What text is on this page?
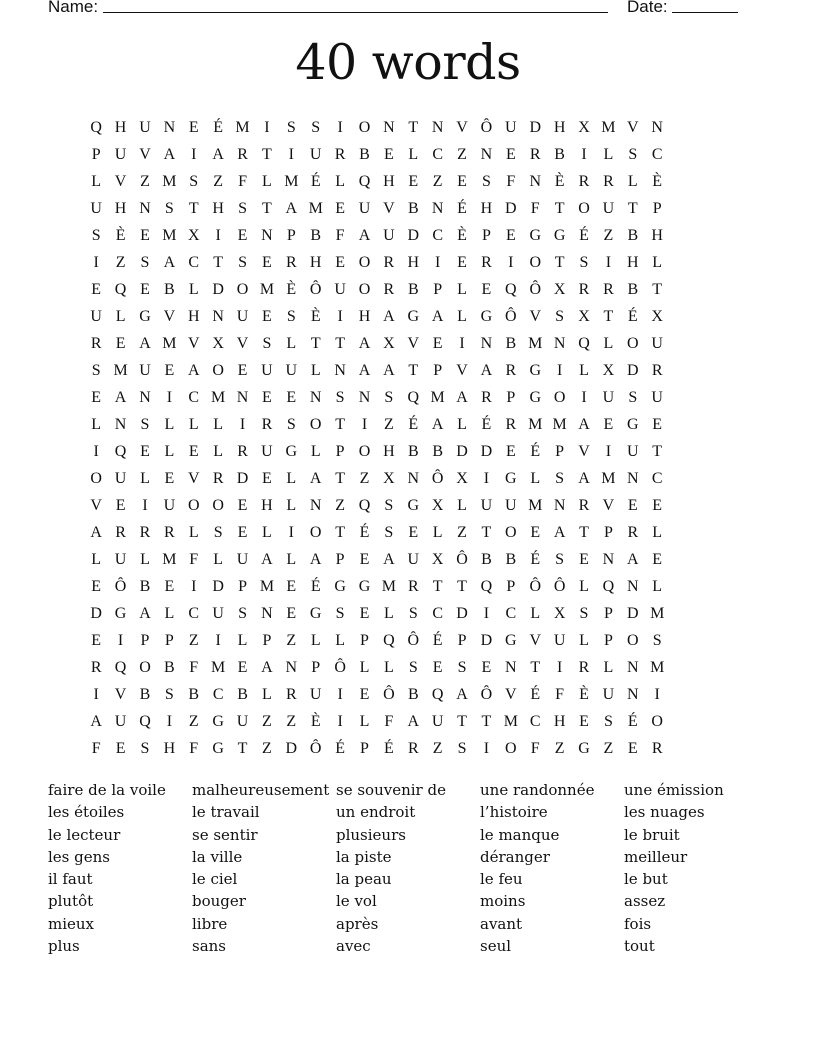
Name:	Date:
40 words
Q H U N E É M I	S S	I O N T N V Ô U D H X M V N
P U V A I A R T	I U R B E L C Z N E R B	I	L S C
L V Z M S Z F L M É L Q H E Z E S F N È R R L È
U H N S T H S T A M E U V B N É H D F T O U T P
S È E M X I	E N P B F A U D C È P E G G É Z B H
I	Z S A C T S E R H E O R H I	E R	I O T S	I H L
E Q E B L D O M È Ô U O R B P L E Q Ô X R R B T
U L G V H N U E S È	I H A G A L G Ô V S X T É X
R E A M V X V S L T T A X V E	I N B M N Q L O U
S M U E A O E U U L N A A T P V A R G I	L X D R
E A N I	C M N E E N S N S Q M A R P G O I U S U
L N S L L L	I	R S O T	I	Z É A L É R M M A E G E
I Q E L E L R U G L P O H B B D D E É P V I U T
O U L E V R D E L A T Z X N Ô X I G L S A M N C
V E	I U O O E H L N Z Q S G X L U U M N R V E E
A R R R L S E L	I O T É S E L Z T O E A T P R L
L U L M F L U A L A P E A U X Ô B B É S E N A E
E Ô B E	I D P M E É G G M R T T Q P Ô Ô L Q N L
D G A L C U S N E G S E L S C D I	C L X S P D M
E	I	P P Z	I	L P Z L L P Q Ô É P D G V U L P O S
R Q O B F M E A N P Ô L L S E S E N T	I	R L N M
I V B S B C B L R U I	E Ô B Q A Ô V É F È U N I
A U Q I	Z G U Z Z È	I	L F A U T T M C H E S É O
F E S H F G T Z D Ô É P É R Z S	I O F Z G Z E R
faire de la voile	malheureusement se souvenir de	une randonnée	une émission
les étoiles	le travail	un endroit	l’histoire	les nuages
le lecteur	se sentir	plusieurs	le manque	le bruit
les gens	la ville	la piste	déranger	meilleur
il faut	le ciel	la peau	le feu	le but
plutôt	bouger	le vol	moins	assez
mieux	libre	après	avant	fois
plus	sans	avec	seul	tout
